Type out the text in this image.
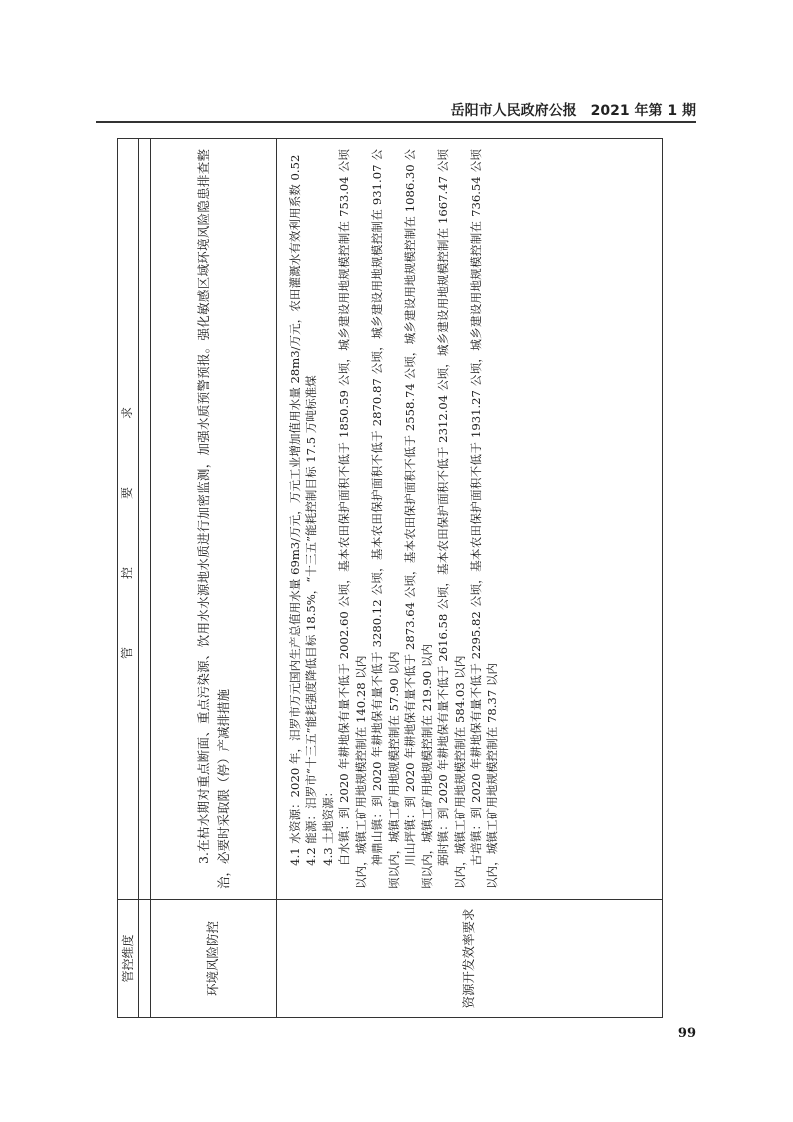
岳阳市人民政府公报　2021 年第 1 期
管控维度
管　控　要　求
环境风险防控

3.在枯水期对重点断面、重点污染源、饮用水水源地水质进行加密监测，加强水质预警预报。强化敏感区域环境风险隐患排查整治，必要时采取限（停）产减排措施

资源开发效率要求

4.1 水资源：2020 年，汨罗市万元国内生产总值用水量 69m3/万元，万元工业增加值用水量 28m3/万元，农田灌溉水有效利用系数 0.52 4.2 能源：汨罗市“十三五”能耗强度降低目标 18.5%，“十三五”能耗控制目标 17.5 万吨标准煤 4.3 土地资源： 白水镇：到 2020 年耕地保有量不低于 2002.60 公顷，基本农田保护面积不低于 1850.59 公顷，城乡建设用地规模控制在 753.04 公顷以内，城镇工矿用地规模控制在 140.28 以内 神鼎山镇：到 2020 年耕地保有量不低于 3280.12 公顷，基本农田保护面积不低于 2870.87 公顷，城乡建设用地规模控制在 931.07 公顷以内，城镇工矿用地规模控制在 57.90 以内 川山坪镇：到 2020 年耕地保有量不低于 2873.64 公顷，基本农田保护面积不低于 2558.74 公顷，城乡建设用地规模控制在 1086.30 公顷以内，城镇工矿用地规模控制在 219.90 以内 弼时镇：到 2020 年耕地保有量不低于 2616.58 公顷，基本农田保护面积不低于 2312.04 公顷，城乡建设用地规模控制在 1667.47 公顷以内，城镇工矿用地规模控制在 584.03 以内 古培镇：到 2020 年耕地保有量不低于 2295.82 公顷，基本农田保护面积不低于 1931.27 公顷，城乡建设用地规模控制在 736.54 公顷以内，城镇工矿用地规模控制在 78.37 以内

99
